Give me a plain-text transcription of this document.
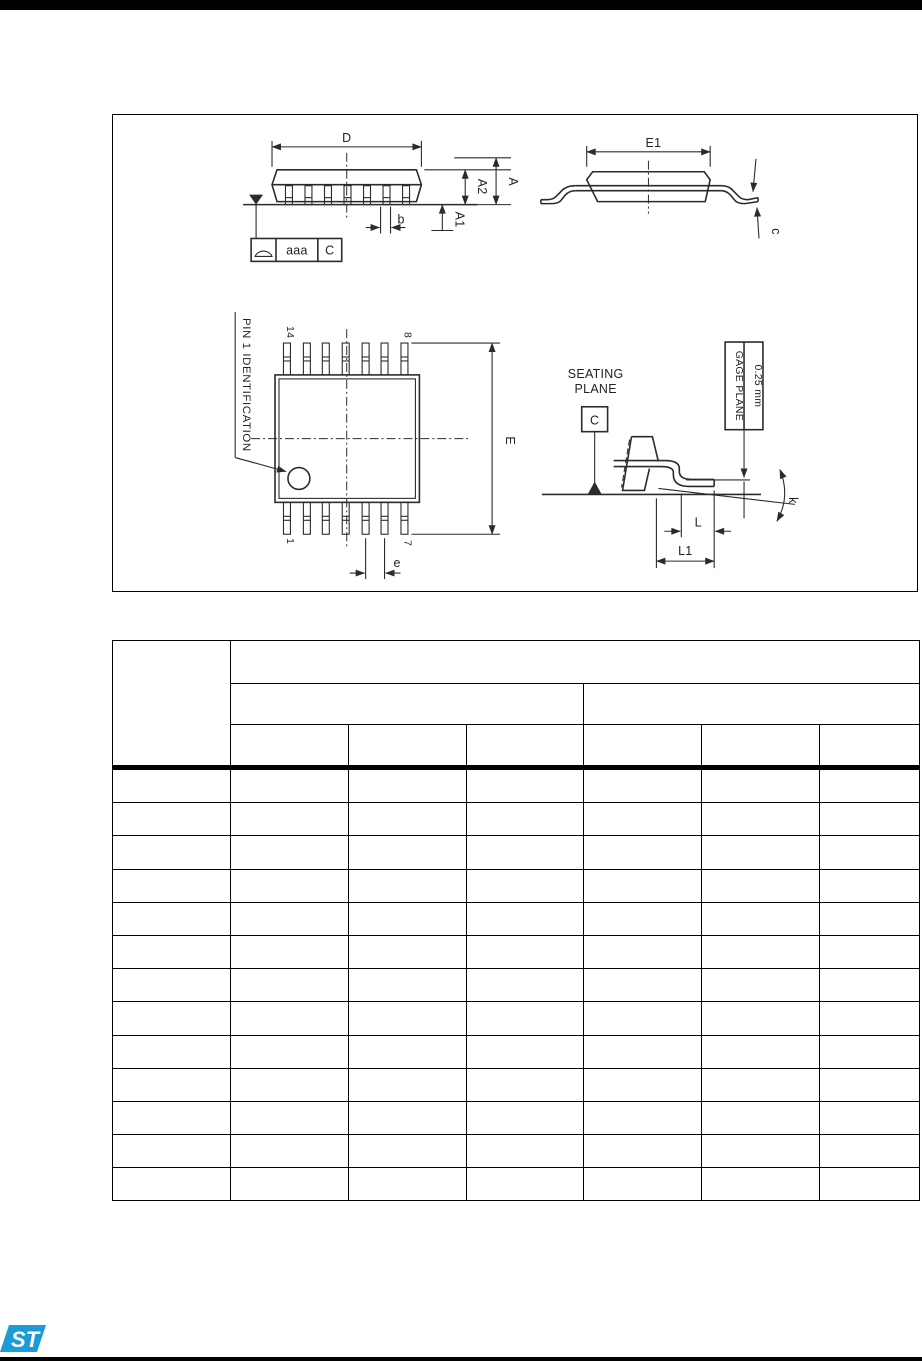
D
aaa C
b
A2 A
A1
E1
c
14	8
1	7
PIN 1 IDENTIFICATION	E
e
SEATING
PLANE
C	GAGE PLANE 0.25 mm
k
L
L1

ST
